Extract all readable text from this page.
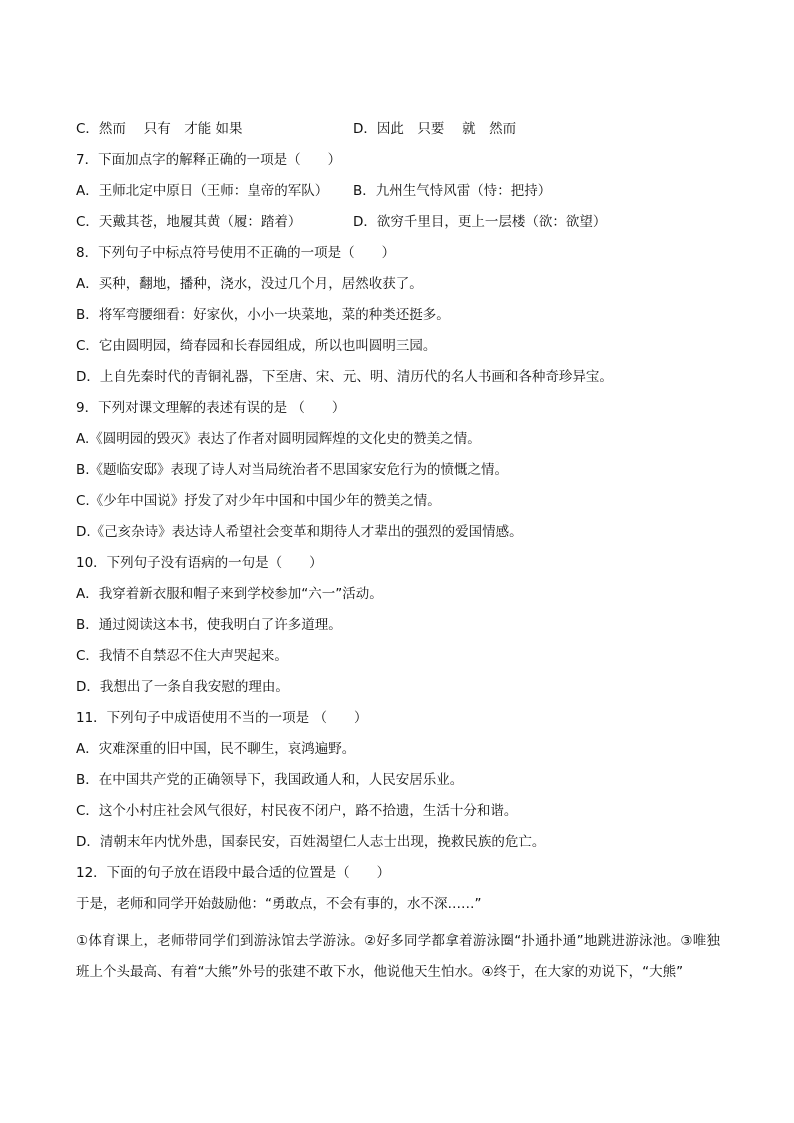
C．然而　 只有　才能 如果	D．因此　只要　 就　然而
7．下面加点字的解释正确的一项是（　　）
A．王师北定中原日（王师：皇帝的军队） B．九州生气恃风雷（恃：把持）
C．天戴其苍，地履其黄（履：踏着）	D．欲穷千里目，更上一层楼（欲：欲望）
8．下列句子中标点符号使用不正确的一项是（　　）
A．买种，翻地，播种，浇水，没过几个月，居然收获了。
B．将军弯腰细看：好家伙，小小一块菜地，菜的种类还挺多。
C．它由圆明园，绮春园和长春园组成，所以也叫圆明三园。
D．上自先秦时代的青铜礼器，下至唐、宋、元、明、清历代的名人书画和各种奇珍异宝。
9．下列对课文理解的表述有误的是 （　　）
A.《圆明园的毁灭》表达了作者对圆明园辉煌的文化史的赞美之情。
B.《题临安邸》表现了诗人对当局统治者不思国家安危行为的愤慨之情。
C.《少年中国说》抒发了对少年中国和中国少年的赞美之情。
D.《己亥杂诗》表达诗人希望社会变革和期待人才辈出的强烈的爱国情感。
10．下列句子没有语病的一句是（　　）
A．我穿着新衣服和帽子来到学校参加“六一”活动。
B．通过阅读这本书，使我明白了许多道理。
C．我情不自禁忍不住大声哭起来。
D．我想出了一条自我安慰的理由。
11．下列句子中成语使用不当的一项是 （　　）
A．灾难深重的旧中国，民不聊生，哀鸿遍野。
B．在中国共产党的正确领导下，我国政通人和，人民安居乐业。
C．这个小村庄社会风气很好，村民夜不闭户，路不拾遗，生活十分和谐。
D．清朝末年内忧外患，国泰民安，百姓渴望仁人志士出现，挽救民族的危亡。
12．下面的句子放在语段中最合适的位置是（　　）
于是，老师和同学开始鼓励他：“勇敢点，不会有事的，水不深……”
①体育课上，老师带同学们到游泳馆去学游泳。②好多同学都拿着游泳圈“扑通扑通”地跳进游泳池。③唯独班上个头最高、有着“大熊”外号的张建不敢下水，他说他天生怕水。④终于，在大家的劝说下，“大熊”
